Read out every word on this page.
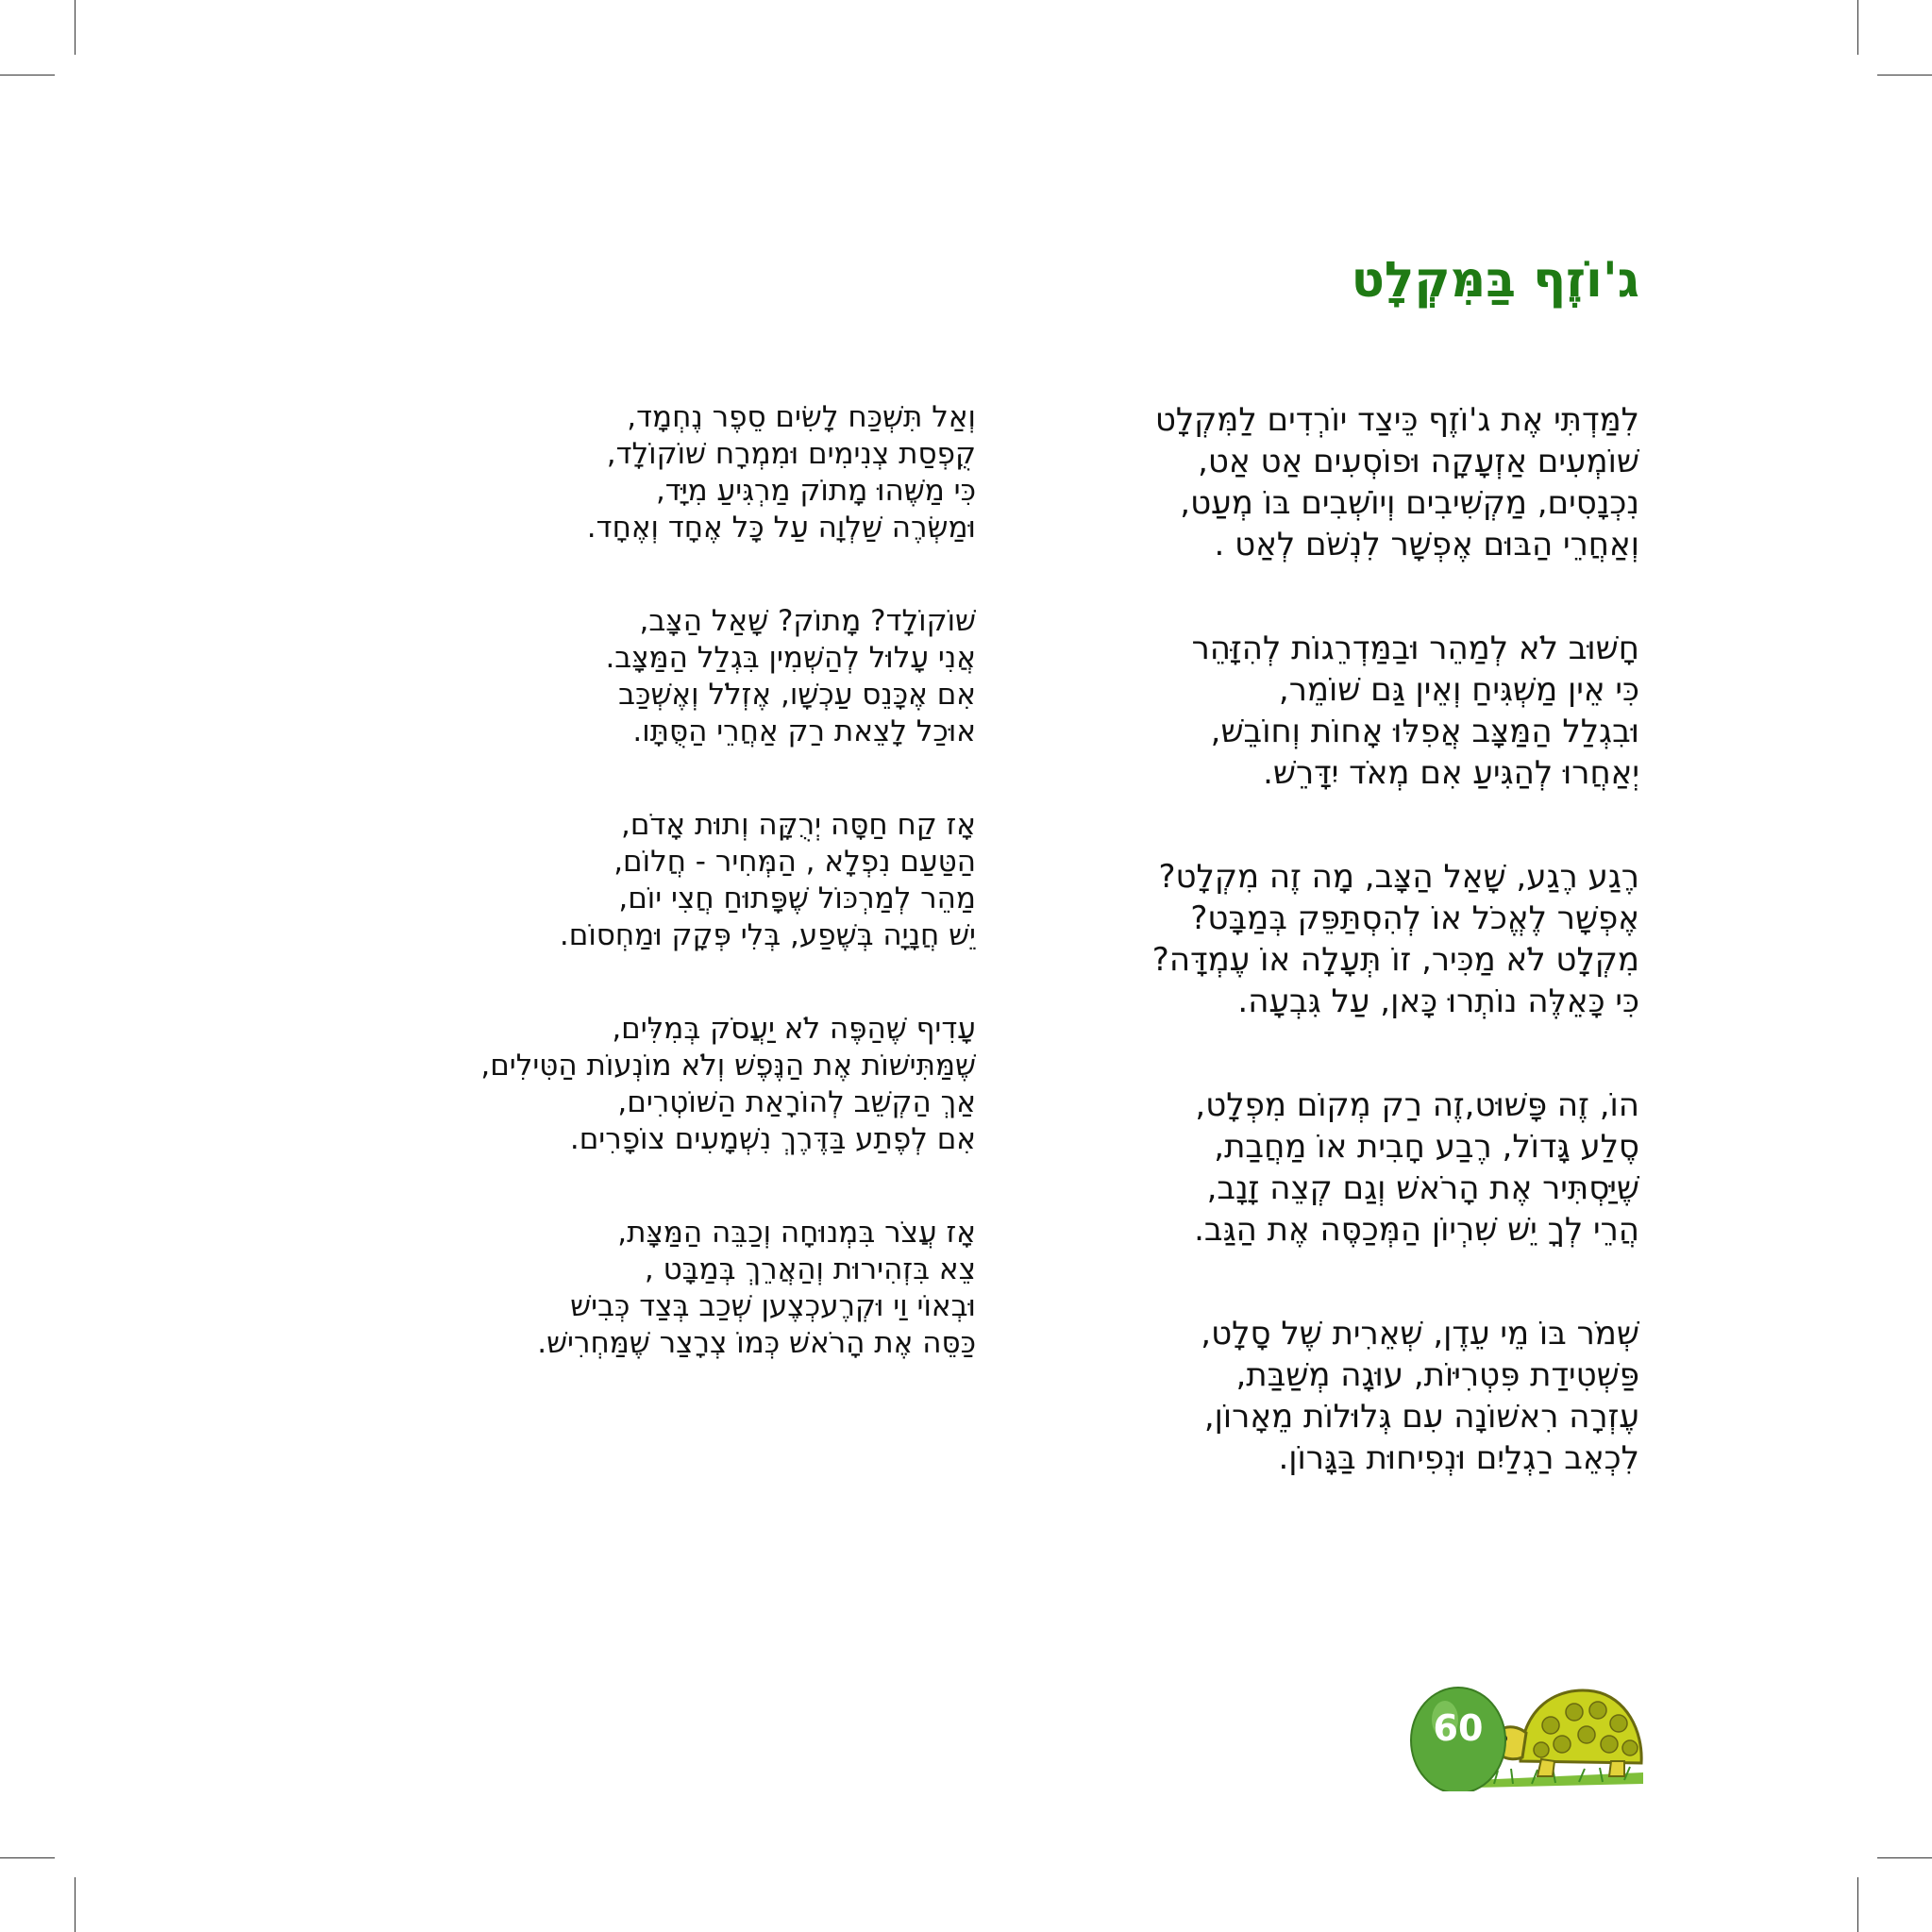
ג'וֹזֶף בַּמִּקְלָט

לִמַּדְתִּי אֶת ג'וֹזֶף כֵּיצַד יוֹרְדִים לַמִּקְלָט
שׁוֹמְעִים אַזְעָקָה וּפוֹסְעִים אַט אַט,
נִכְנָסִים, מַקְשִׁיבִים וְיוֹשְׁבִים בּוֹ מְעַט,
וְאַחֲרֵי הַבּוּם אֶפְשָׁר לִנְשֹׁם לְאַט .

חָשׁוּב לֹא לְמַהֵר וּבַמַּדְרֵגוֹת לְהִזָּהֵר
כִּי אֵין מַשְׁגִּיחַ וְאֵין גַּם שׁוֹמֵר,
וּבִגְלַל הַמַּצָּב אֲפִלּוּ אָחוֹת וְחוֹבֵשׁ,
יְאַחֲרוּ לְהַגִּיעַ אִם מְאֹד יִדָּרֵשׁ.

רֶגַע רֶגַע, שָׁאַל הַצָּב, מָה זֶה מִקְלָט?
אֶפְשָׁר לֶאֱכֹל אוֹ לְהִסְתַּפֵּק בְּמַבָּט?
מִקְלָט לֹא מַכִּיר, זוֹ תְּעָלָה אוֹ עֶמְדָּה?
כִּי כָּאֵלֶּה נוֹתְרוּ כָּאן, עַל גִּבְעָה.

הוֹ, זֶה פָּשׁוּט,זֶה רַק מְקוֹם מִפְלָט,
סֶלַע גָּדוֹל, רֶבַע חָבִית אוֹ מַחֲבַת,
שֶׁיַּסְתִּיר אֶת הָרֹאשׁ וְגַם קְצֵה זָנָב,
הֲרֵי לְךָ יֵשׁ שִׁרְיוֹן הַמְּכַסֶּה אֶת הַגַּב.

שְׁמֹר בּוֹ מֵי עֵדֶן, שְׁאֵרִית שֶׁל סָלָט,
פַּשְׁטִידַת פִּטְרִיּוֹת, עוּגָה מְשַׁבַּת,
עֶזְרָה רִאשׁוֹנָה עִם גְּלוּלוֹת מֵאָרוֹן,
לִכְאֵב רַגְלַיִם וּנְפִיחוּת בַּגָּרוֹן.

וְאַל תִּשְׁכַּח לָשִׂים סֵפֶר נֶחְמָד,
קֻפְסַת צְנִימִים וּמִמְרָח שׁוֹקוֹלָד,
כִּי מַשֶּׁהוּ מָתוֹק מַרְגִּיעַ מִיָּד,
וּמַשְׂרֶה שַׁלְוָה עַל כָּל אֶחָד וְאֶחָד.

שׁוֹקוֹלָד? מָתוֹק? שָׁאַל הַצָּב,
אֲנִי עָלוּל לְהַשְׁמִין בִּגְלַל הַמַּצָּב.
אִם אֶכָּנֵס עַכְשָׁו, אֶזְלֹל וְאֶשְׁכַּב
אוּכַל לָצֵאת רַק אַחֲרֵי הַסֻּתָּו.

אָז קַח חַסָּה יְרֻקָּה וְתוּת אָדֹם,
הַטַּעַם נִפְלָא , הַמְּחִיר - חֲלוֹם,
מַהֵר לְמַרְכּוֹל שֶׁפָּתוּחַ חֲצִי יוֹם,
יֵשׁ חֲנָיָה בְּשֶׁפַע, בְּלִי פְּקָק וּמַחְסוֹם.

עָדִיף שֶׁהַפֶּה לֹא יַעֲסֹק בְּמִלִּים,
שֶׁמַּתִּישׁוֹת אֶת הַנֶּפֶשׁ וְלֹא מוֹנְעוֹת הַטִּילִים,
אַךְ הַקְשֵׁב לְהוֹרָאַת הַשּׁוֹטְרִים,
אִם לְפֶתַע בַּדֶּרֶךְ נִשְׁמָעִים צוֹפָרִים.

אָז עֲצֹר בִּמְנוּחָה וְכַבֵּה הַמַּצָּת,
צֵא בִּזְהִירוּת וְהַאֲרֵךְ בְּמַבָּט ,
וּבְאוֹי וַי וּקְרֶעכְצֶען שְׁכַב בְּצַד כְּבִישׁ
כַּסֵּה אֶת הָרֹאשׁ כְּמוֹ צְרָצַר שֶׁמַּחְרִישׁ.

60
